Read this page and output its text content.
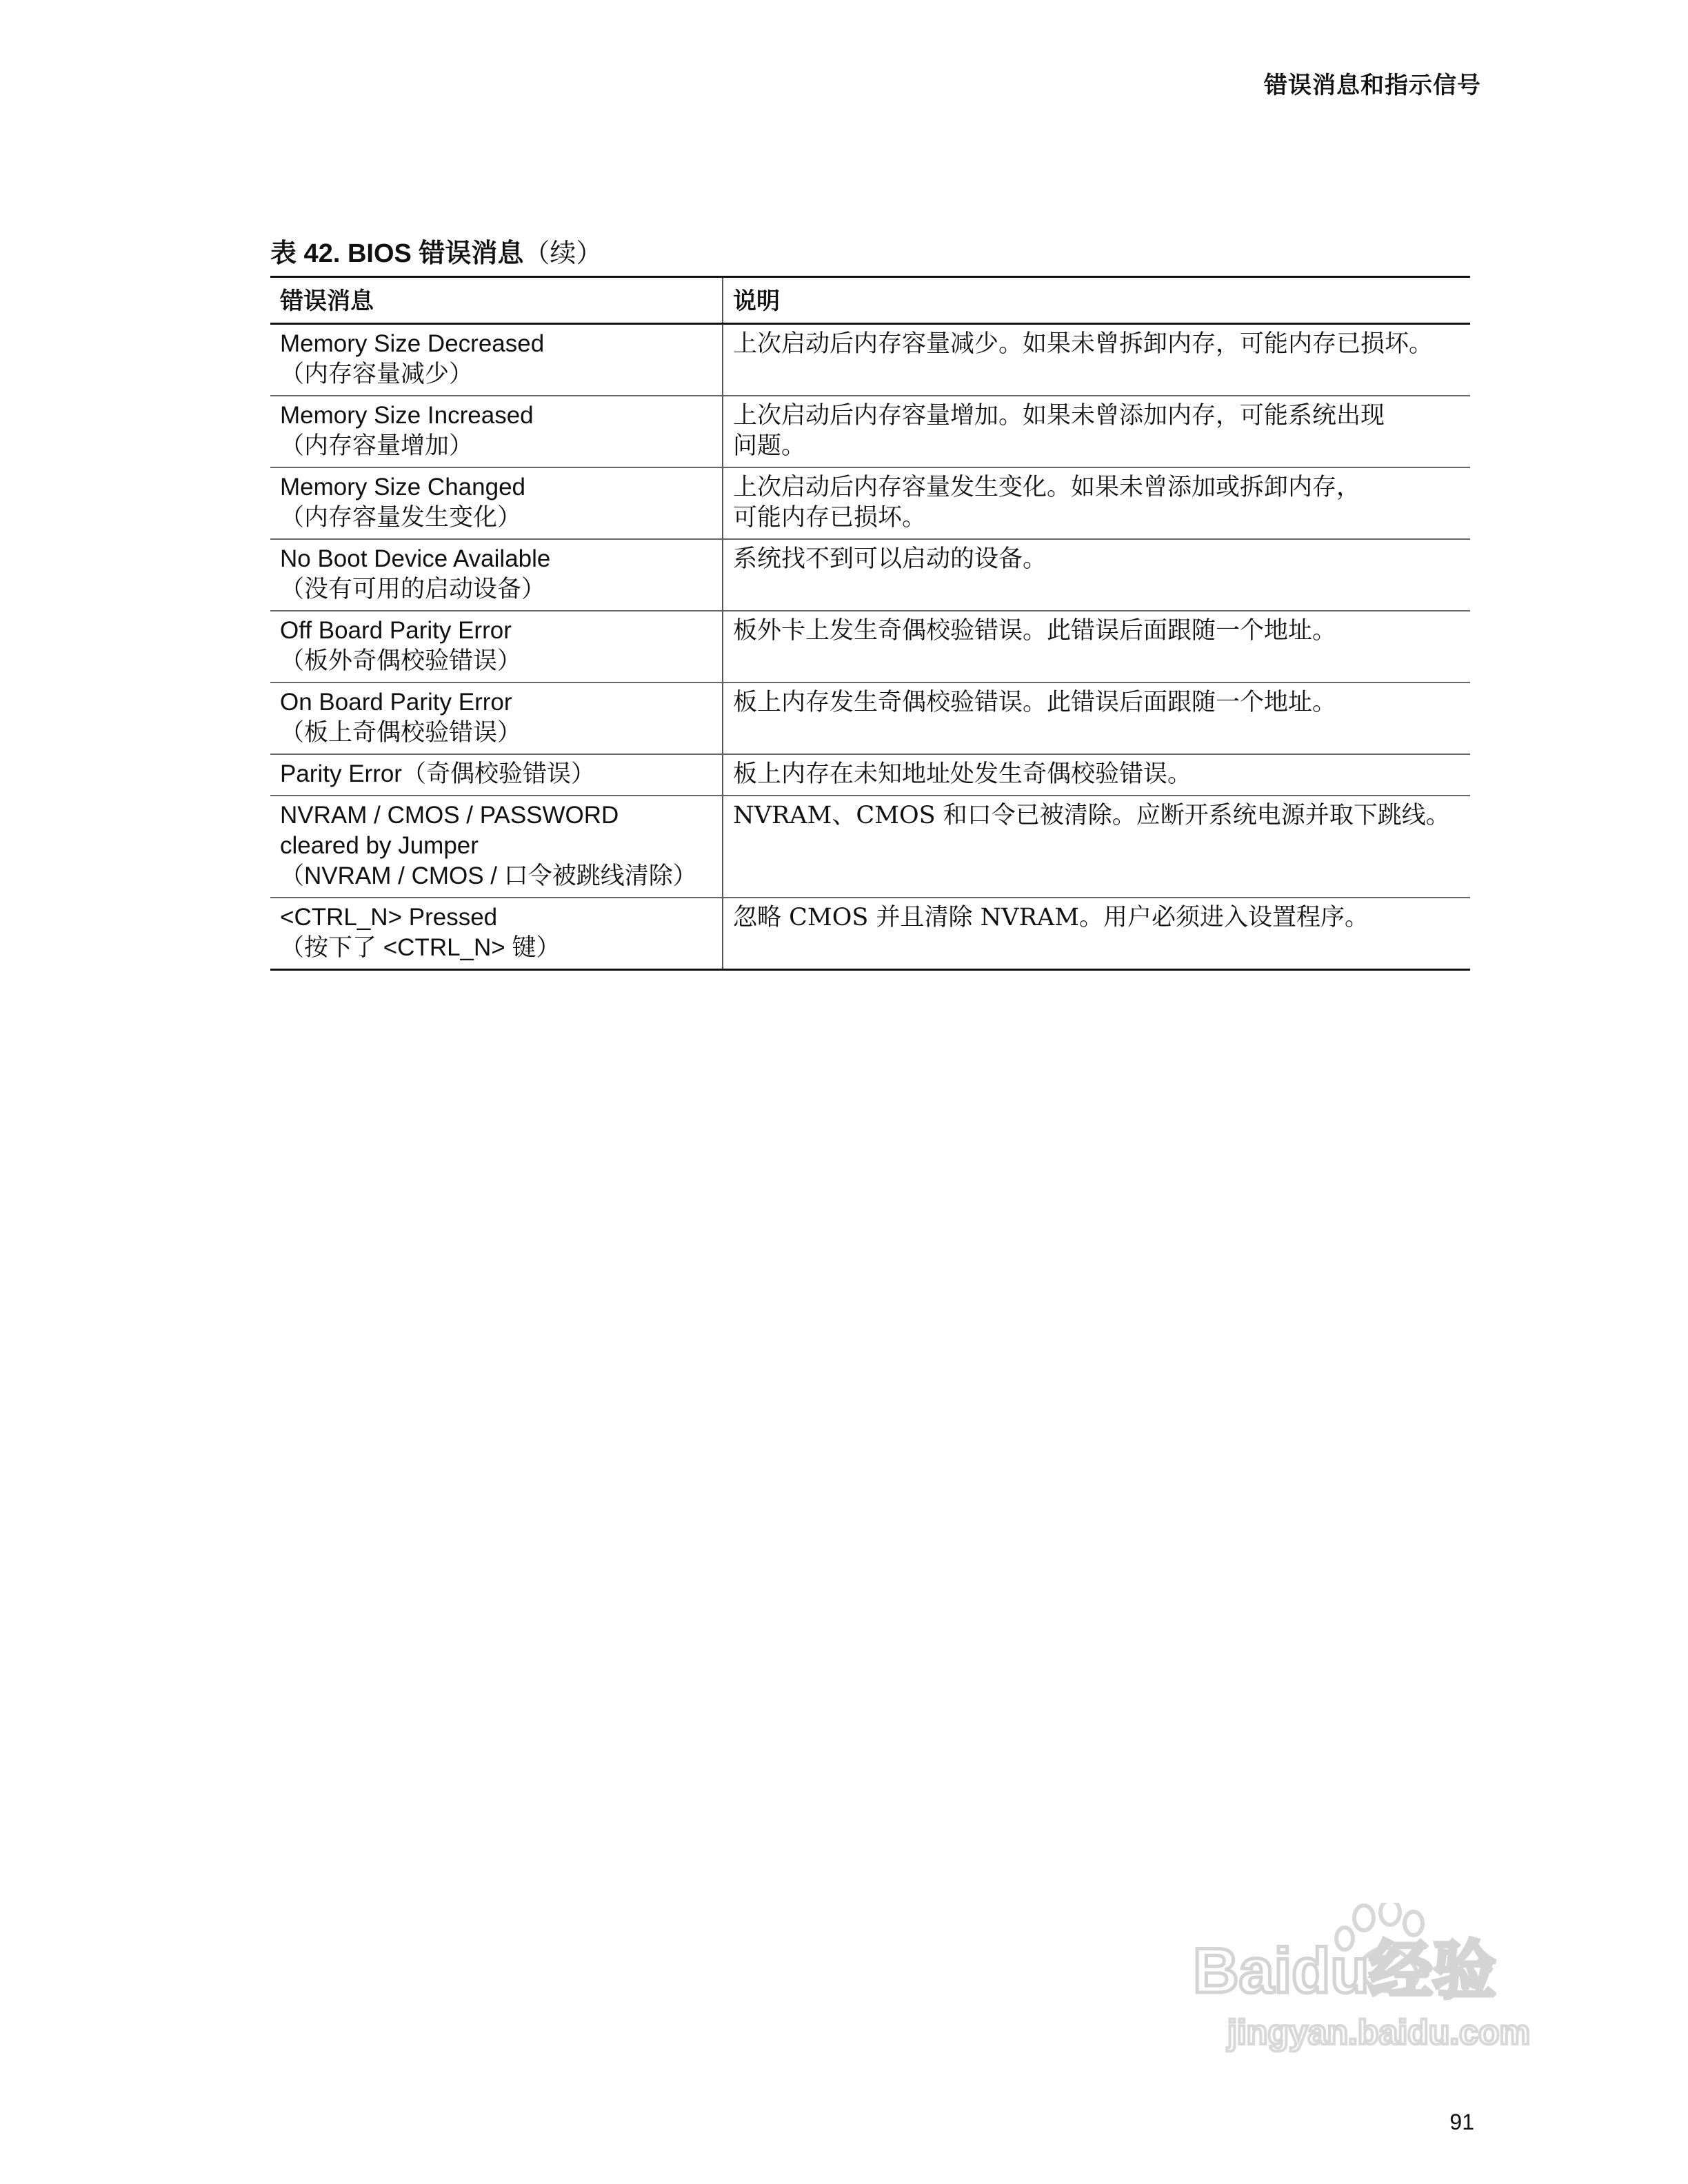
错误消息和指示信号
表 42. BIOS 错误消息（续）
错误消息	说明

Memory Size Decreased
（内存容量减少）	上次启动后内存容量减少。如果未曾拆卸内存，可能内存已损坏。

Memory Size Increased
（内存容量增加）	上次启动后内存容量增加。如果未曾添加内存，可能系统出现
问题。

Memory Size Changed
（内存容量发生变化）	上次启动后内存容量发生变化。如果未曾添加或拆卸内存，
可能内存已损坏。

No Boot Device Available
（没有可用的启动设备）	系统找不到可以启动的设备。

Off Board Parity Error
（板外奇偶校验错误）	板外卡上发生奇偶校验错误。此错误后面跟随一个地址。

On Board Parity Error
（板上奇偶校验错误）	板上内存发生奇偶校验错误。此错误后面跟随一个地址。

Parity Error（奇偶校验错误）	板上内存在未知地址处发生奇偶校验错误。

NVRAM / CMOS / PASSWORD
cleared by Jumper
（NVRAM / CMOS / 口令被跳线清除）	NVRAM、CMOS 和口令已被清除。应断开系统电源并取下跳线。

<CTRL_N> Pressed
（按下了 <CTRL_N> 键）	忽略 CMOS 并且清除 NVRAM。用户必须进入设置程序。
Baidu经验
jingyan.baidu.com
91
